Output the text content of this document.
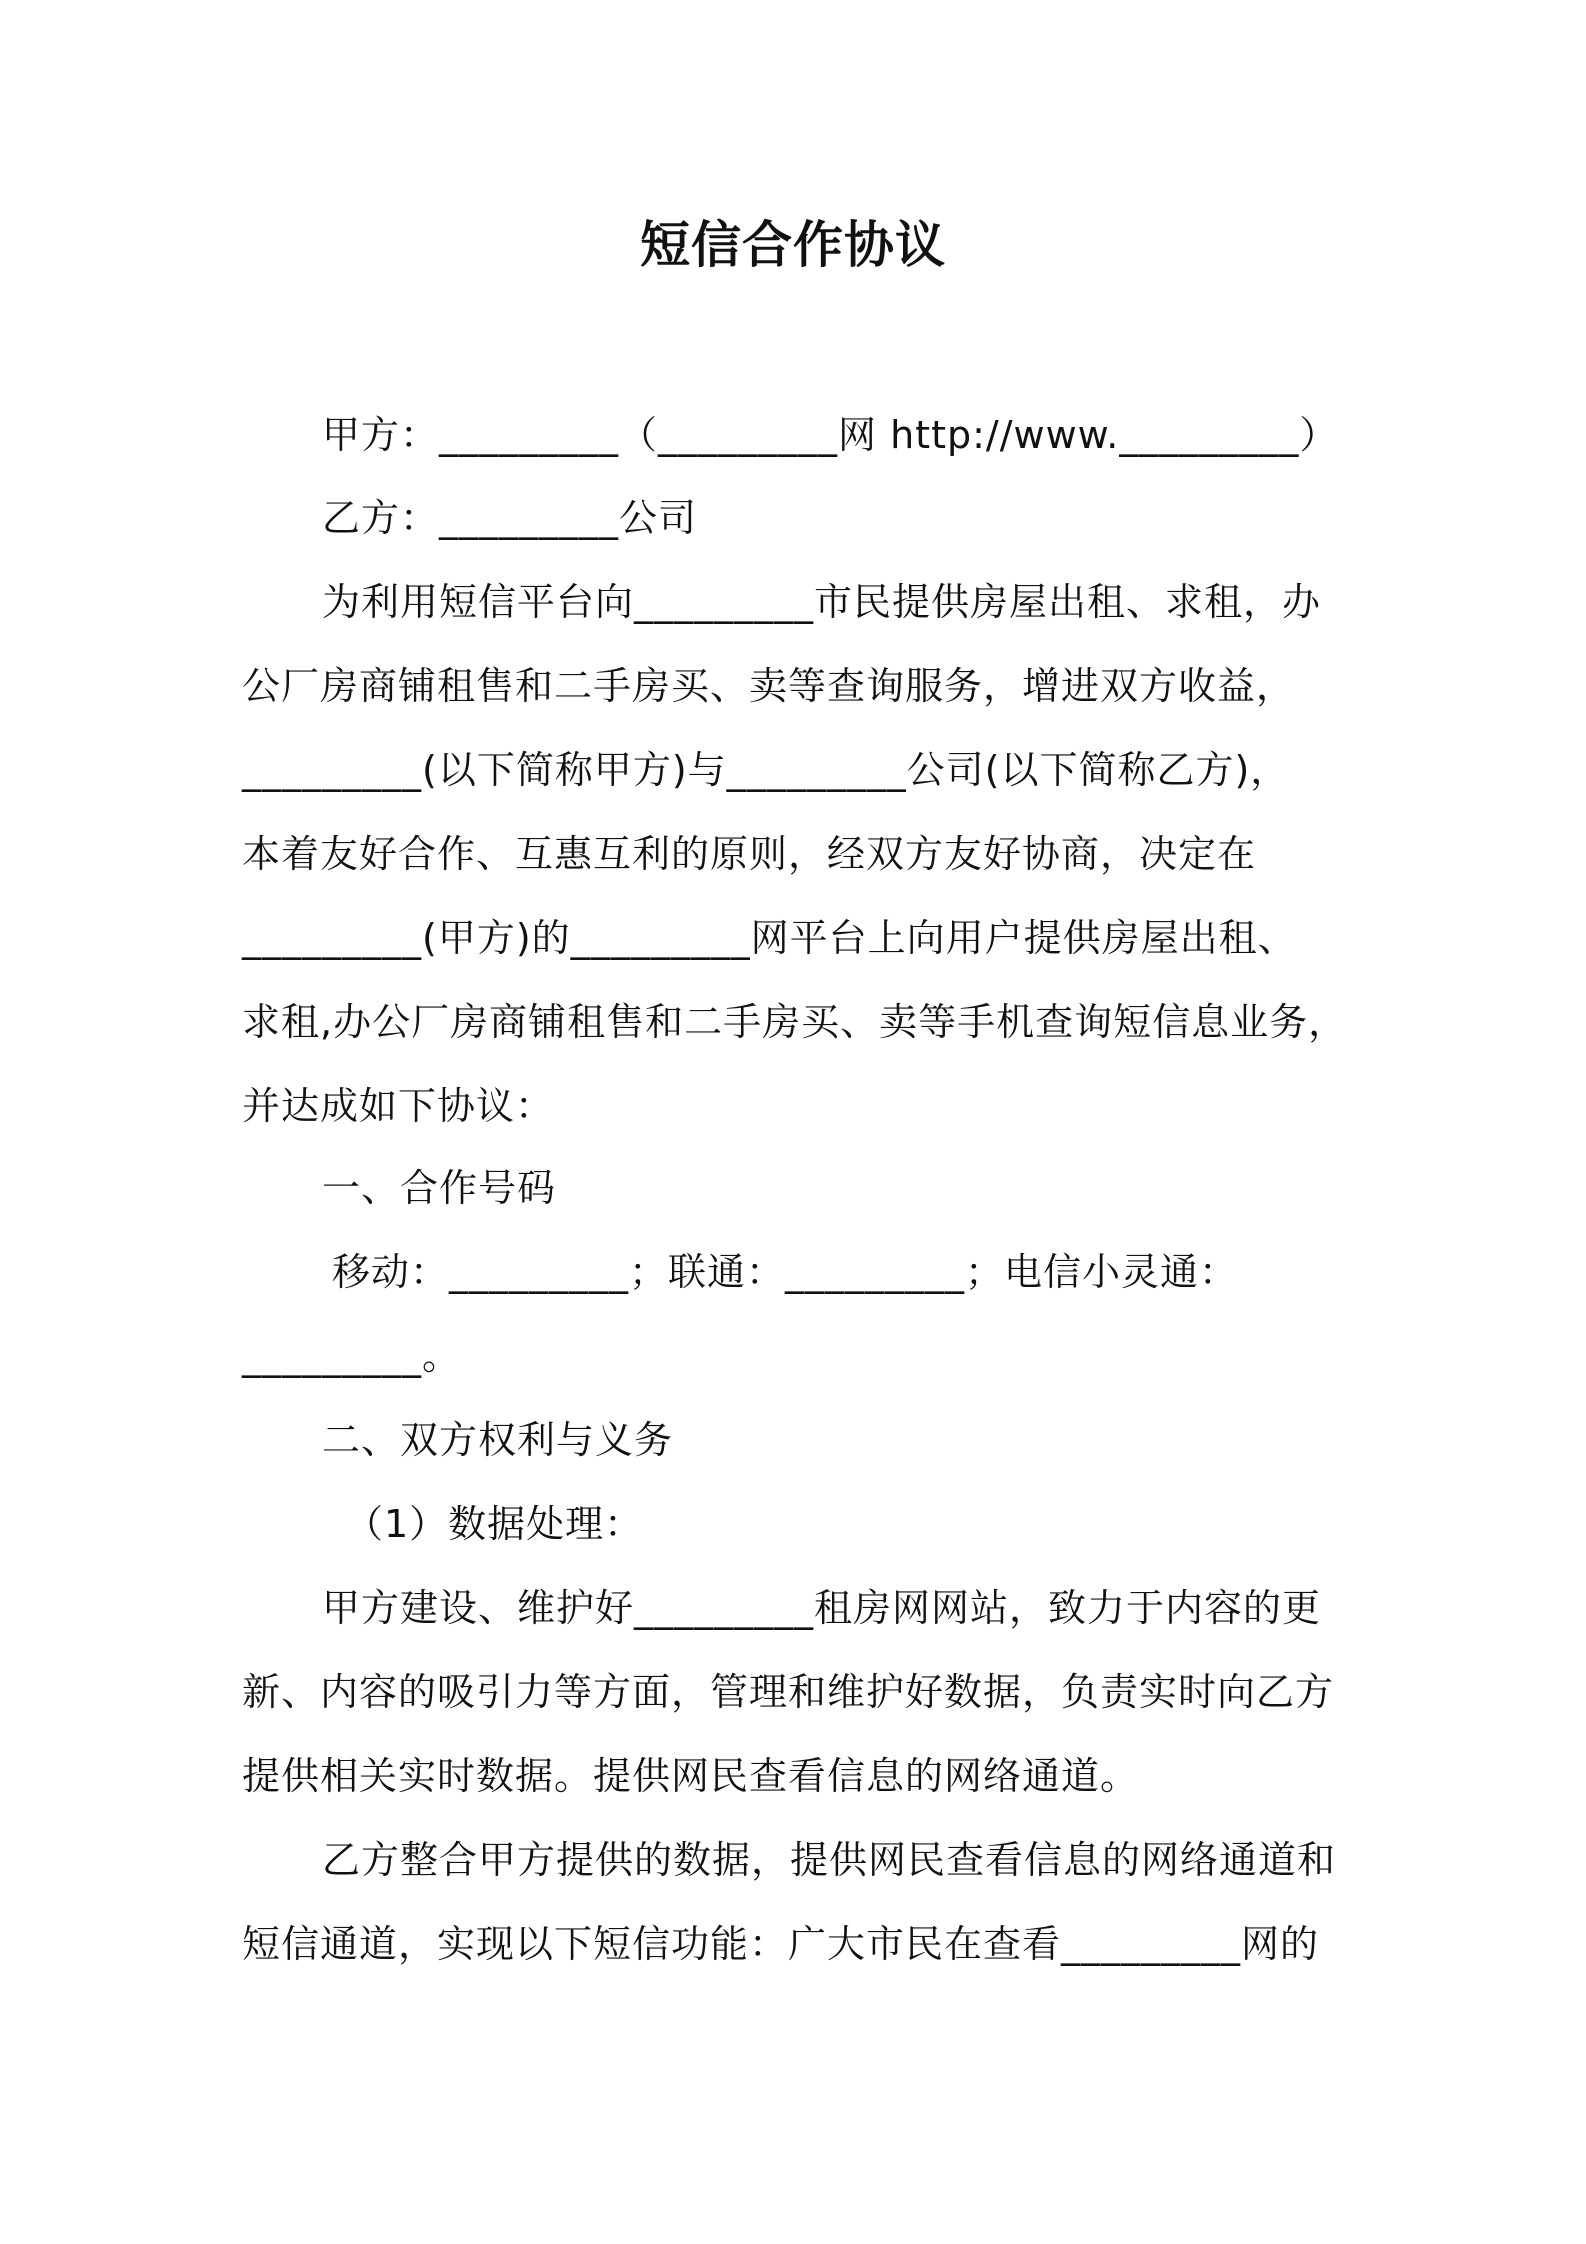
短信合作协议
甲方：_________（_________网 http://www._________）
乙方：_________公司
为利用短信平台向_________市民提供房屋出租、求租，办
公厂房商铺租售和二手房买、卖等查询服务，增进双方收益，
_________(以下简称甲方)与_________公司(以下简称乙方)，
本着友好合作、互惠互利的原则，经双方友好协商，决定在
_________(甲方)的_________网平台上向用户提供房屋出租、
求租,办公厂房商铺租售和二手房买、卖等手机查询短信息业务，
并达成如下协议：
一、合作号码
移动：_________；联通：_________；电信小灵通：
_________。
二、双方权利与义务
（1）数据处理：
甲方建设、维护好_________租房网网站，致力于内容的更
新、内容的吸引力等方面，管理和维护好数据，负责实时向乙方
提供相关实时数据。提供网民查看信息的网络通道。
乙方整合甲方提供的数据，提供网民查看信息的网络通道和
短信通道，实现以下短信功能：广大市民在查看_________网的
